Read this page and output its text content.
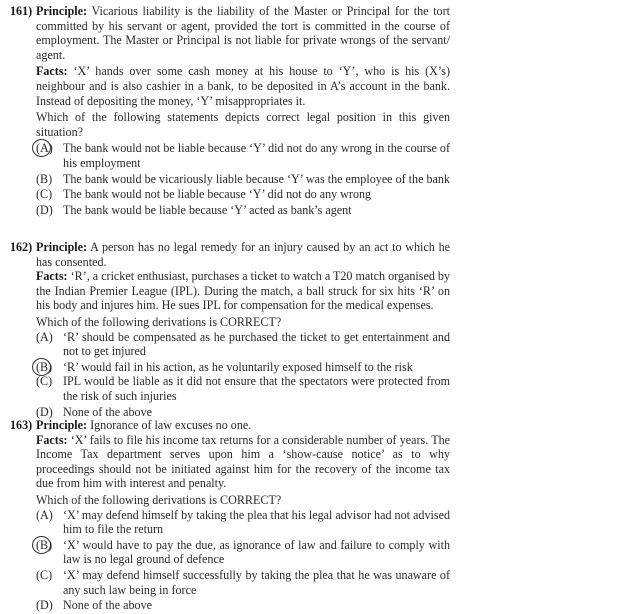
161) Principle: Vicarious liability is the liability of the Master or Principal for the tort committed by his servant or agent, provided the tort is committed in the course of employment. The Master or Principal is not liable for private wrongs of the servant/ agent.

Facts: ‘X’ hands over some cash money at his house to ‘Y’, who is his (X’s) neighbour and is also cashier in a bank, to be deposited in A’s account in the bank. Instead of depositing the money, ‘Y’ misappropriates it.

Which of the following statements depicts correct legal position in this given situation?

(A) The bank would not be liable because ‘Y’ did not do any wrong in the course of his employment
(B) The bank would be vicariously liable because ‘Y’ was the employee of the bank
(C) The bank would not be liable because ‘Y’ did not do any wrong
(D) The bank would be liable because ‘Y’ acted as bank’s agent
162) Principle: A person has no legal remedy for an injury caused by an act to which he has consented.

Facts: ‘R’, a cricket enthusiast, purchases a ticket to watch a T20 match organised by the Indian Premier League (IPL). During the match, a ball struck for six hits ‘R’ on his body and injures him. He sues IPL for compensation for the medical expenses.

Which of the following derivations is CORRECT?

(A) ‘R’ should be compensated as he purchased the ticket to get entertainment and not to get injured
(B) ‘R’ would fail in his action, as he voluntarily exposed himself to the risk
(C) IPL would be liable as it did not ensure that the spectators were protected from the risk of such injuries
(D) None of the above
163) Principle: Ignorance of law excuses no one.

Facts: ‘X’ fails to file his income tax returns for a considerable number of years. The Income Tax department serves upon him a ‘show-cause notice’ as to why proceedings should not be initiated against him for the recovery of the income tax due from him with interest and penalty.

Which of the following derivations is CORRECT?

(A) ‘X’ may defend himself by taking the plea that his legal advisor had not advised him to file the return
(B) ‘X’ would have to pay the due, as ignorance of law and failure to comply with law is no legal ground of defence
(C) ‘X’ may defend himself successfully by taking the plea that he was unaware of any such law being in force
(D) None of the above
